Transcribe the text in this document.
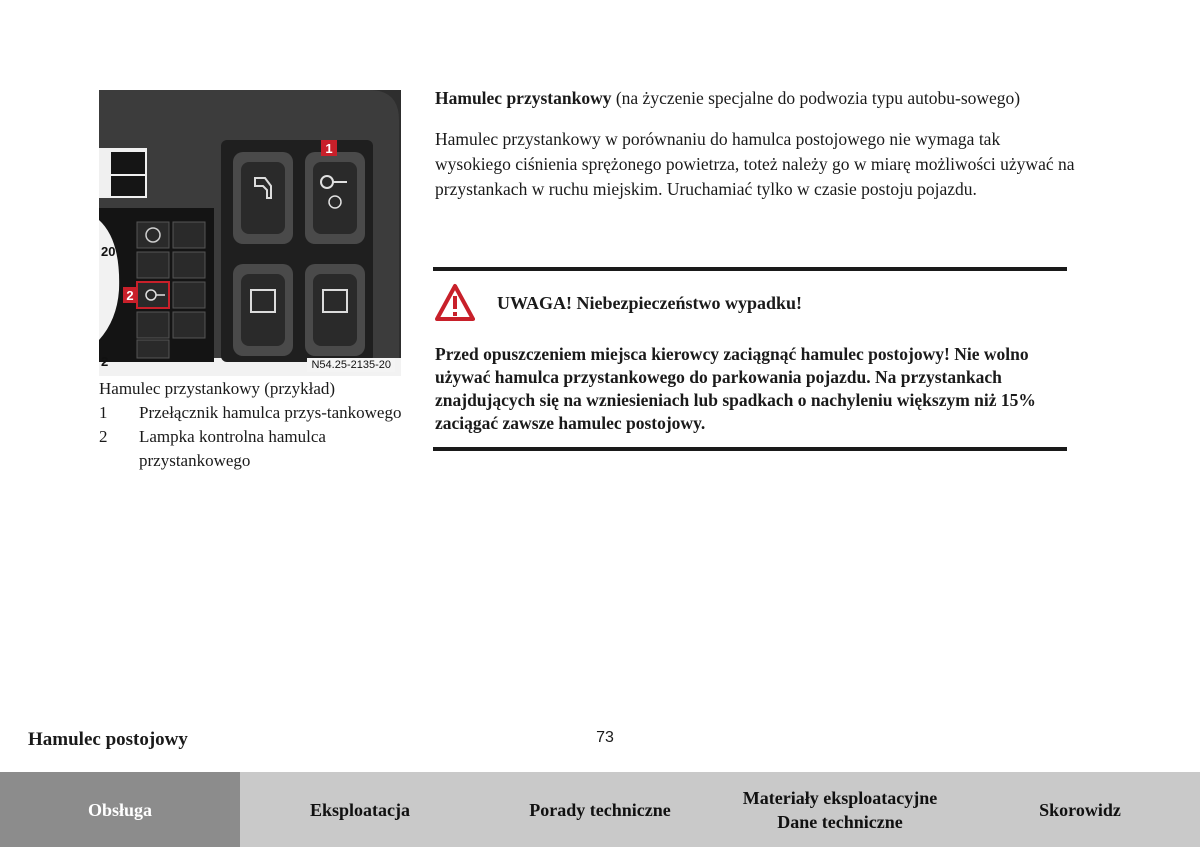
1
20
2
2
N54.25-2135-20
Hamulec przystankowy (przykład)
1	Przełącznik hamulca przys-tankowego
2	Lampka kontrolna hamulca przystankowego
Hamulec przystankowy (na życzenie specjalne do podwozia typu autobu-sowego)
Hamulec przystankowy w porównaniu do hamulca postojowego nie wymaga tak wysokiego ciśnienia sprężonego powietrza, toteż należy go w miarę możliwości używać na przystankach w ruchu miejskim. Uruchamiać tylko w czasie postoju pojazdu.
UWAGA! Niebezpieczeństwo wypadku!
Przed opuszczeniem miejsca kierowcy zaciągnąć hamulec postojowy! Nie wolno używać hamulca przystankowego do parkowania pojazdu. Na przystankach znajdujących się na wzniesieniach lub spadkach o nachyleniu większym niż 15% zaciągać zawsze hamulec postojowy.
Hamulec postojowy	73
Obsługa	Eksploatacja	Porady techniczne
Materiały eksploatacyjne
Dane techniczne
Skorowidz
